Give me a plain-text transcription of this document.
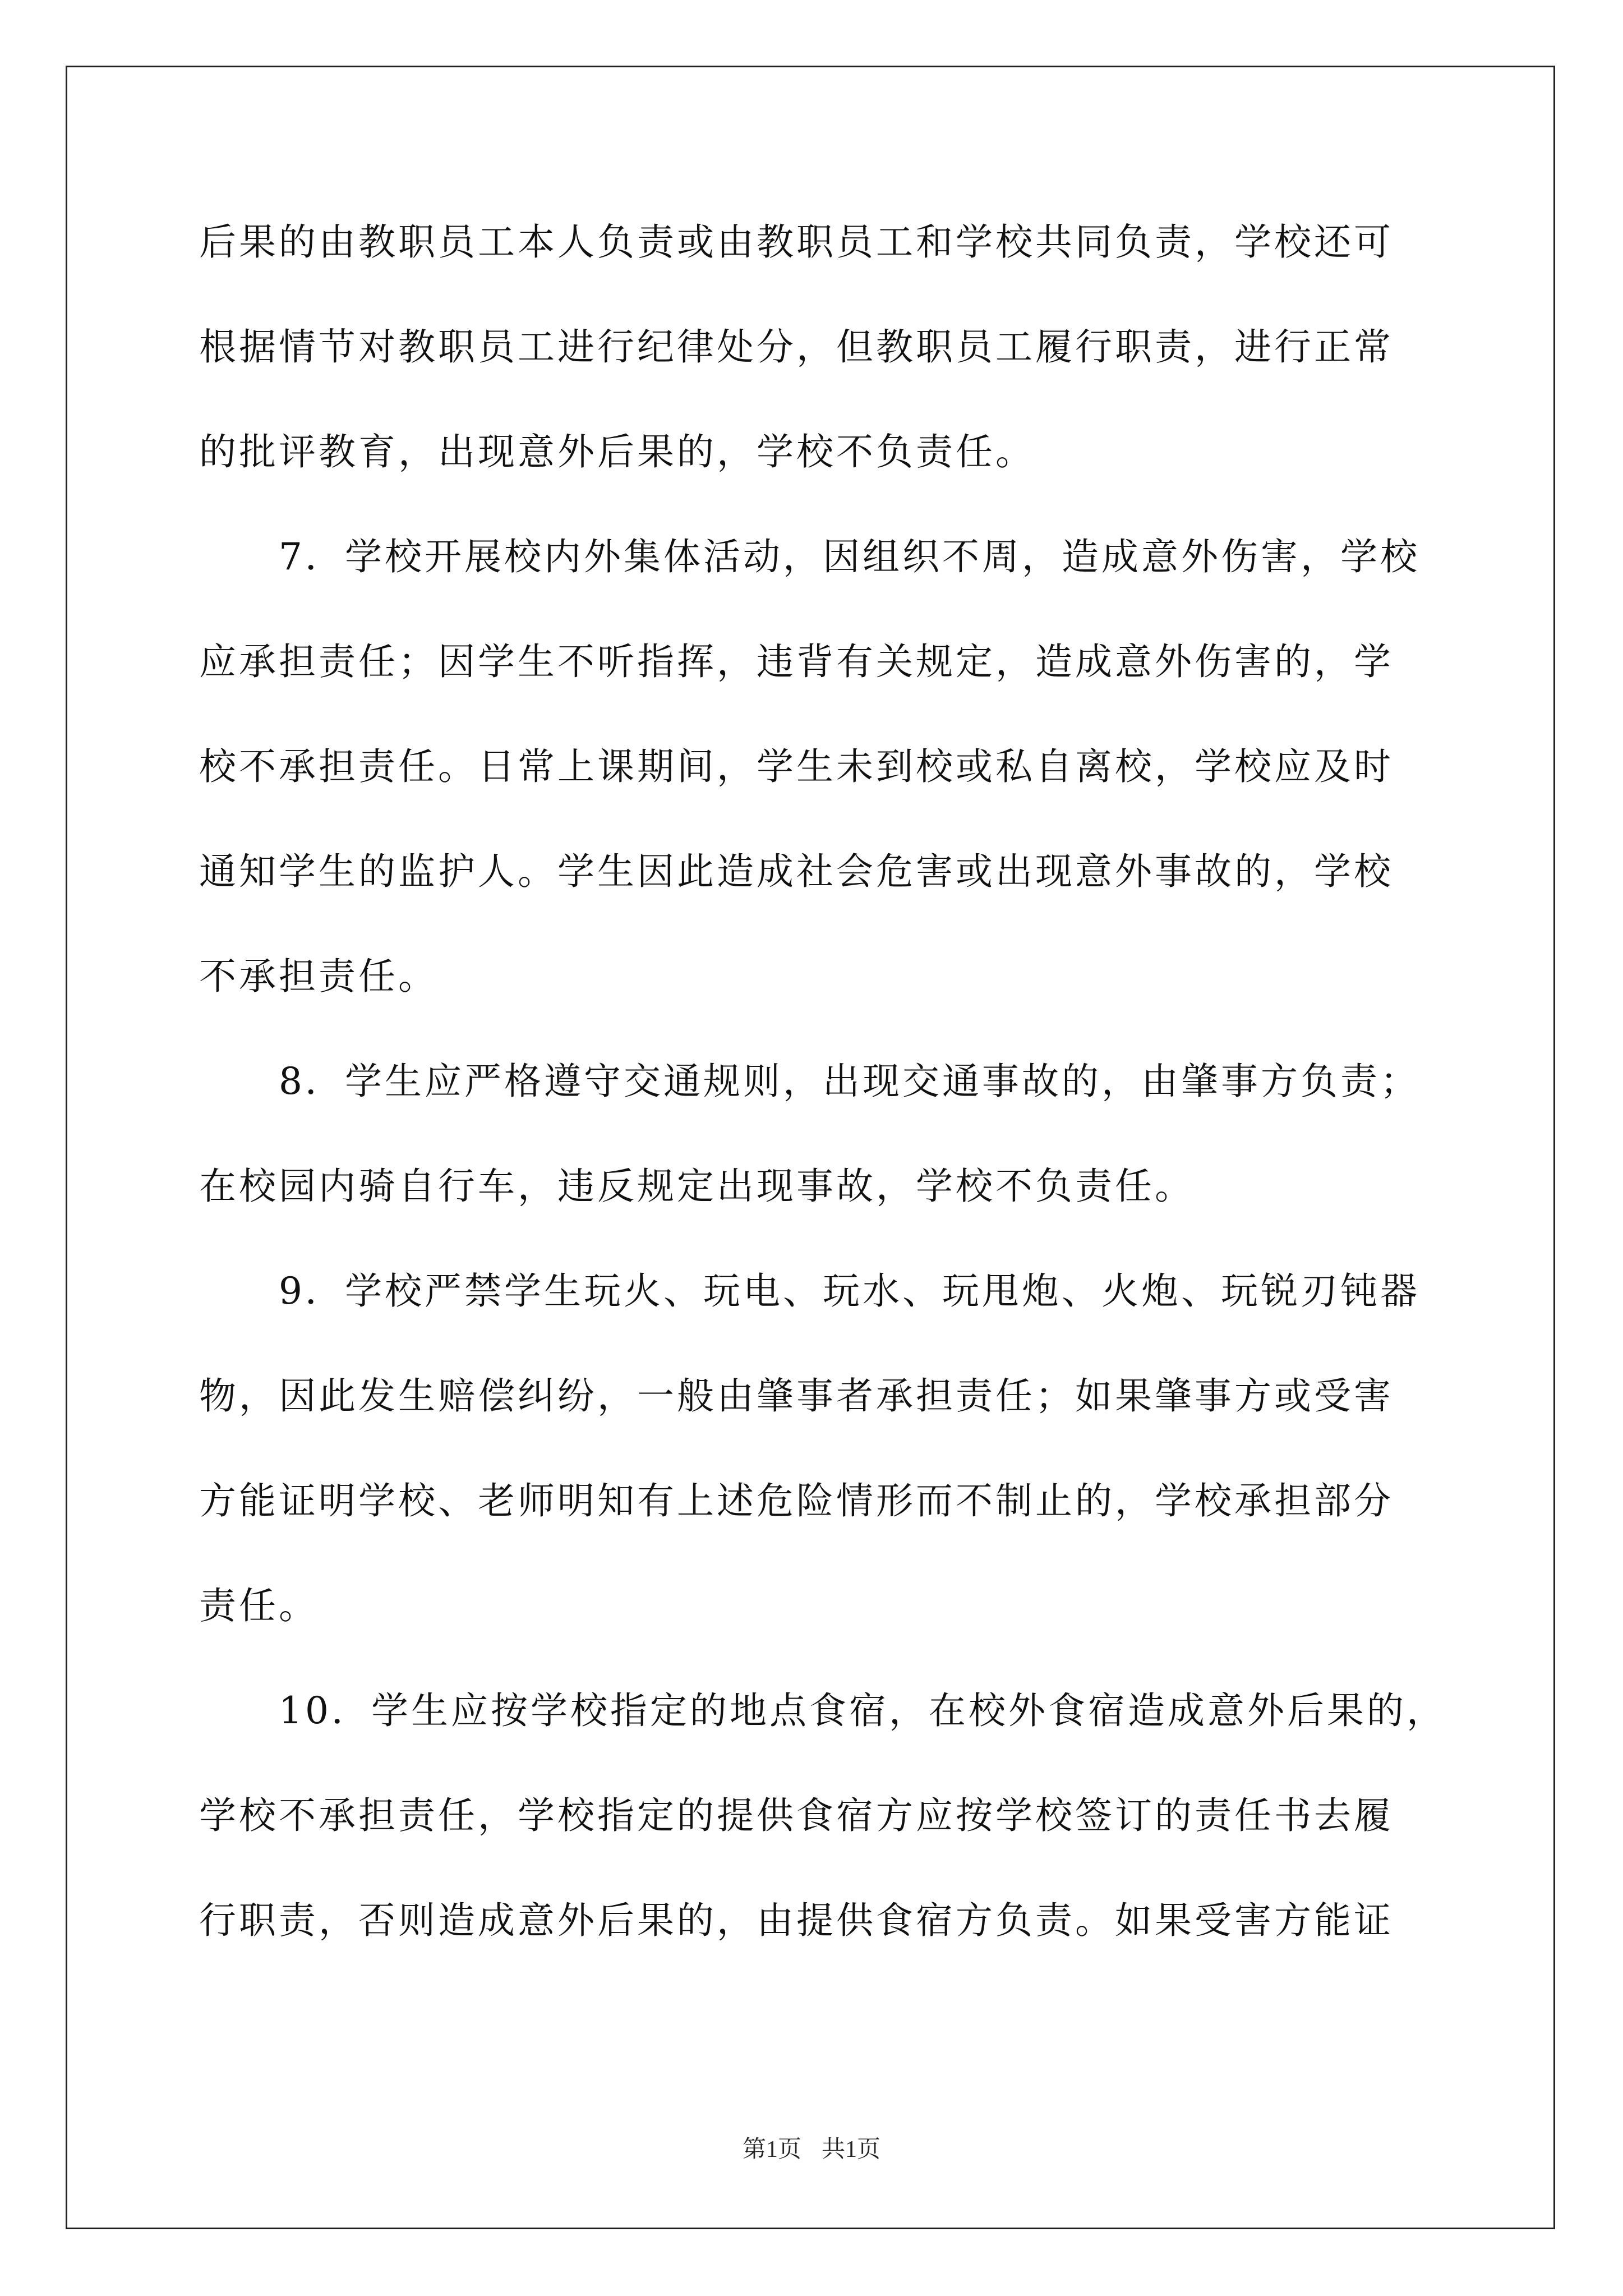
后果的由教职员工本人负责或由教职员工和学校共同负责，学校还可
根据情节对教职员工进行纪律处分，但教职员工履行职责，进行正常
的批评教育，出现意外后果的，学校不负责任。
　　7．学校开展校内外集体活动，因组织不周，造成意外伤害，学校
应承担责任；因学生不听指挥，违背有关规定，造成意外伤害的，学
校不承担责任。日常上课期间，学生未到校或私自离校，学校应及时
通知学生的监护人。学生因此造成社会危害或出现意外事故的，学校
不承担责任。
　　8．学生应严格遵守交通规则，出现交通事故的，由肇事方负责；
在校园内骑自行车，违反规定出现事故，学校不负责任。
　　9．学校严禁学生玩火、玩电、玩水、玩甩炮、火炮、玩锐刃钝器
物，因此发生赔偿纠纷，一般由肇事者承担责任；如果肇事方或受害
方能证明学校、老师明知有上述危险情形而不制止的，学校承担部分
责任。
　　10．学生应按学校指定的地点食宿，在校外食宿造成意外后果的，
学校不承担责任，学校指定的提供食宿方应按学校签订的责任书去履
行职责，否则造成意外后果的，由提供食宿方负责。如果受害方能证
第1页 共1页
